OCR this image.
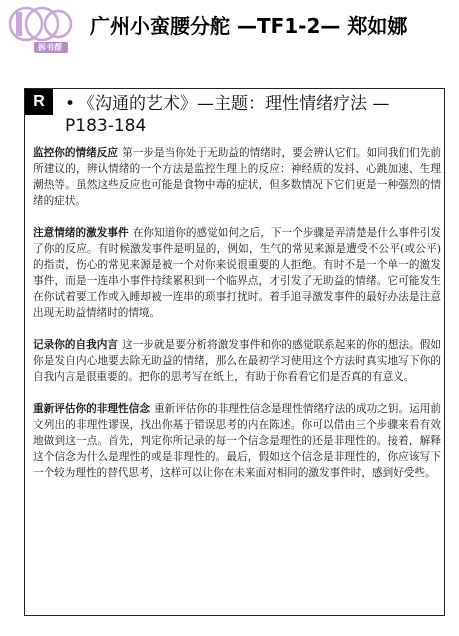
拆书帮
广州小蛮腰分舵 —TF1-2— 郑如娜
R	• 《沟通的艺术》—主题：理性情绪疗法 — P183-184

监控你的情绪反应 第一步是当你处于无助益的情绪时，要会辨认它们。如同我们们先前所建议的，辨认情绪的一个方法是监控生理上的反应：神经质的发抖、心跳加速、生理潮热等。虽然这些反应也可能是食物中毒的症状，但多数情况下它们更是一种强烈的情绪的症状。

注意情绪的激发事件 在你知道你的感觉如何之后，下一个步骤是弄清楚是什么事件引发了你的反应。有时候激发事件是明显的，例如，生气的常见来源是遭受不公平(或公平)的指责，伤心的常见来源是被一个对你来说很重要的人拒绝。有时不是一个单一的激发事件，而是一连串小事件持续累积到一个临界点，才引发了无助益的情绪。它可能发生在你试着要工作或入睡却被一连串的琐事打扰时。着手追寻激发事件的最好办法是注意出现无助益情绪时的情境。

记录你的自我内言 这一步就是要分析将激发事件和你的感觉联系起来的你的想法。假如你是发自内心地要去除无助益的情绪，那么在最初学习使用这个方法时真实地写下你的自我内言是很重要的。把你的思考写在纸上，有助于你看看它们是否真的有意义。

重新评估你的非理性信念 重新评估你的非理性信念是理性情绪疗法的成功之钥。运用前文列出的非理性谬误，找出你基于错误思考的内在陈述。你可以借由三个步骤来看有效地做到这一点。首先，判定你所记录的每一个信念是理性的还是非理性的。接着，解释这个信念为什么是理性的或是非理性的。最后，假如这个信念是非理性的，你应该写下一个较为理性的替代思考，这样可以让你在未来面对相同的激发事件时，感到好受些。
